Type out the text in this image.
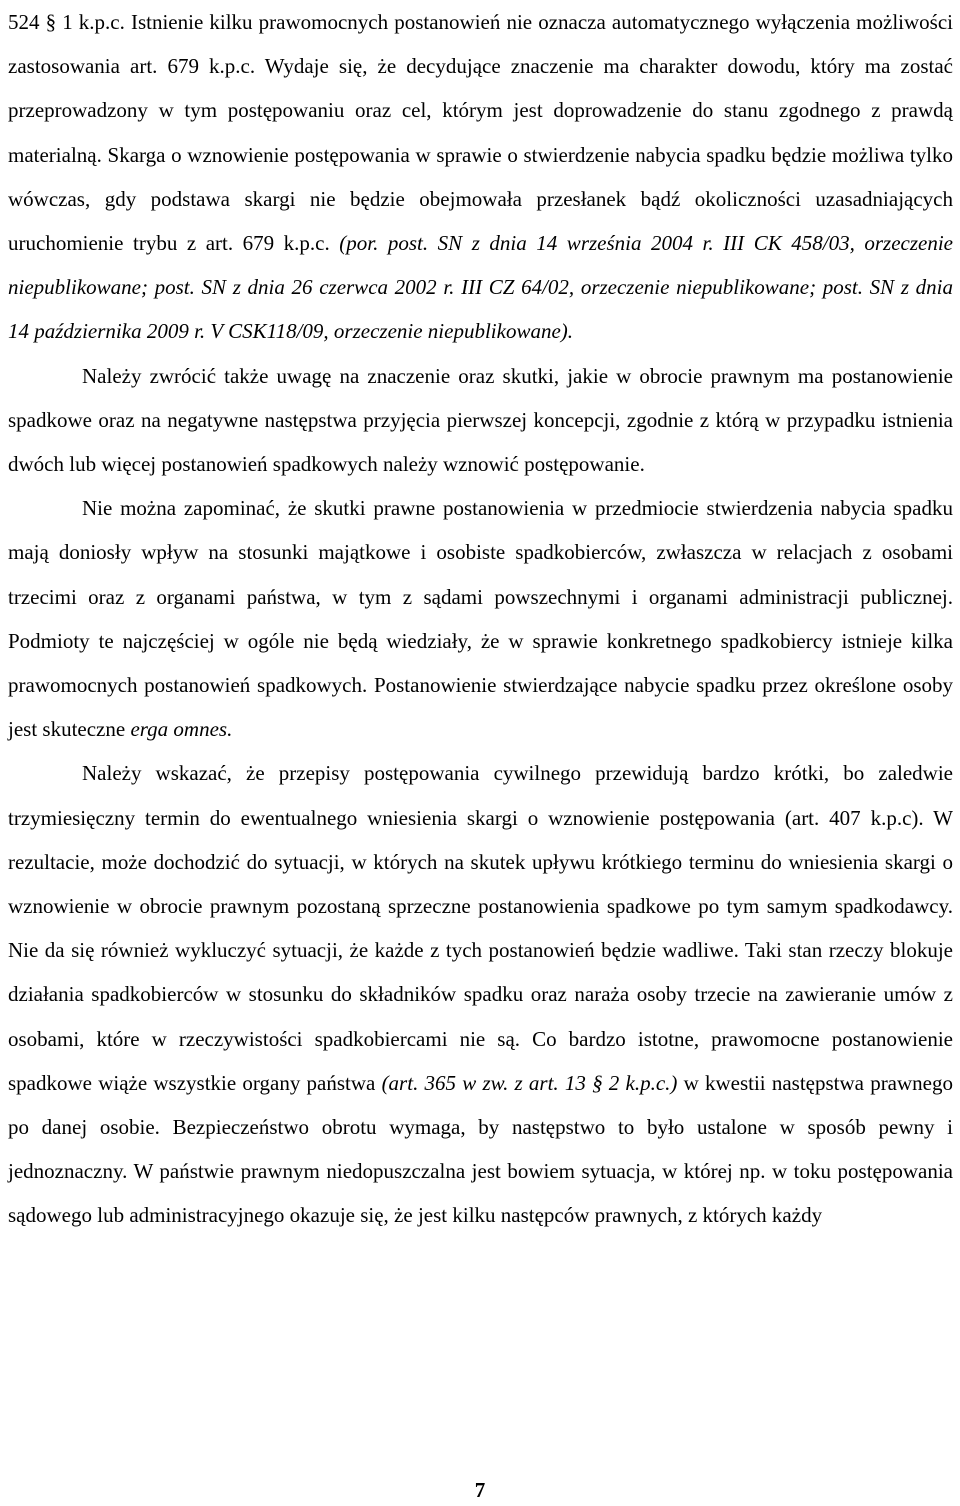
524 § 1 k.p.c. Istnienie kilku prawomocnych postanowień nie oznacza automatycznego wyłączenia możliwości zastosowania art. 679 k.p.c. Wydaje się, że decydujące znaczenie ma charakter dowodu, który ma zostać przeprowadzony w tym postępowaniu oraz cel, którym jest doprowadzenie do stanu zgodnego z prawdą materialną. Skarga o wznowienie postępowania w sprawie o stwierdzenie nabycia spadku będzie możliwa tylko wówczas, gdy podstawa skargi nie będzie obejmowała przesłanek bądź okoliczności uzasadniających uruchomienie trybu z art. 679 k.p.c. (por. post. SN z dnia 14 września 2004 r. III CK 458/03, orzeczenie niepublikowane; post. SN z dnia 26 czerwca 2002 r. III CZ 64/02, orzeczenie niepublikowane; post. SN z dnia 14 października 2009 r. V CSK118/09, orzeczenie niepublikowane).

Należy zwrócić także uwagę na znaczenie oraz skutki, jakie w obrocie prawnym ma postanowienie spadkowe oraz na negatywne następstwa przyjęcia pierwszej koncepcji, zgodnie z którą w przypadku istnienia dwóch lub więcej postanowień spadkowych należy wznowić postępowanie.

Nie można zapominać, że skutki prawne postanowienia w przedmiocie stwierdzenia nabycia spadku mają doniosły wpływ na stosunki majątkowe i osobiste spadkobierców, zwłaszcza w relacjach z osobami trzecimi oraz z organami państwa, w tym z sądami powszechnymi i organami administracji publicznej. Podmioty te najczęściej w ogóle nie będą wiedziały, że w sprawie konkretnego spadkobiercy istnieje kilka prawomocnych postanowień spadkowych. Postanowienie stwierdzające nabycie spadku przez określone osoby jest skuteczne erga omnes.

Należy wskazać, że przepisy postępowania cywilnego przewidują bardzo krótki, bo zaledwie trzymiesięczny termin do ewentualnego wniesienia skargi o wznowienie postępowania (art. 407 k.p.c). W rezultacie, może dochodzić do sytuacji, w których na skutek upływu krótkiego terminu do wniesienia skargi o wznowienie w obrocie prawnym pozostaną sprzeczne postanowienia spadkowe po tym samym spadkodawcy. Nie da się również wykluczyć sytuacji, że każde z tych postanowień będzie wadliwe. Taki stan rzeczy blokuje działania spadkobierców w stosunku do składników spadku oraz naraża osoby trzecie na zawieranie umów z osobami, które w rzeczywistości spadkobiercami nie są. Co bardzo istotne, prawomocne postanowienie spadkowe wiąże wszystkie organy państwa (art. 365 w zw. z art. 13 § 2 k.p.c.) w kwestii następstwa prawnego po danej osobie. Bezpieczeństwo obrotu wymaga, by następstwo to było ustalone w sposób pewny i jednoznaczny. W państwie prawnym niedopuszczalna jest bowiem sytuacja, w której np. w toku postępowania sądowego lub administracyjnego okazuje się, że jest kilku następców prawnych, z których każdy

7
